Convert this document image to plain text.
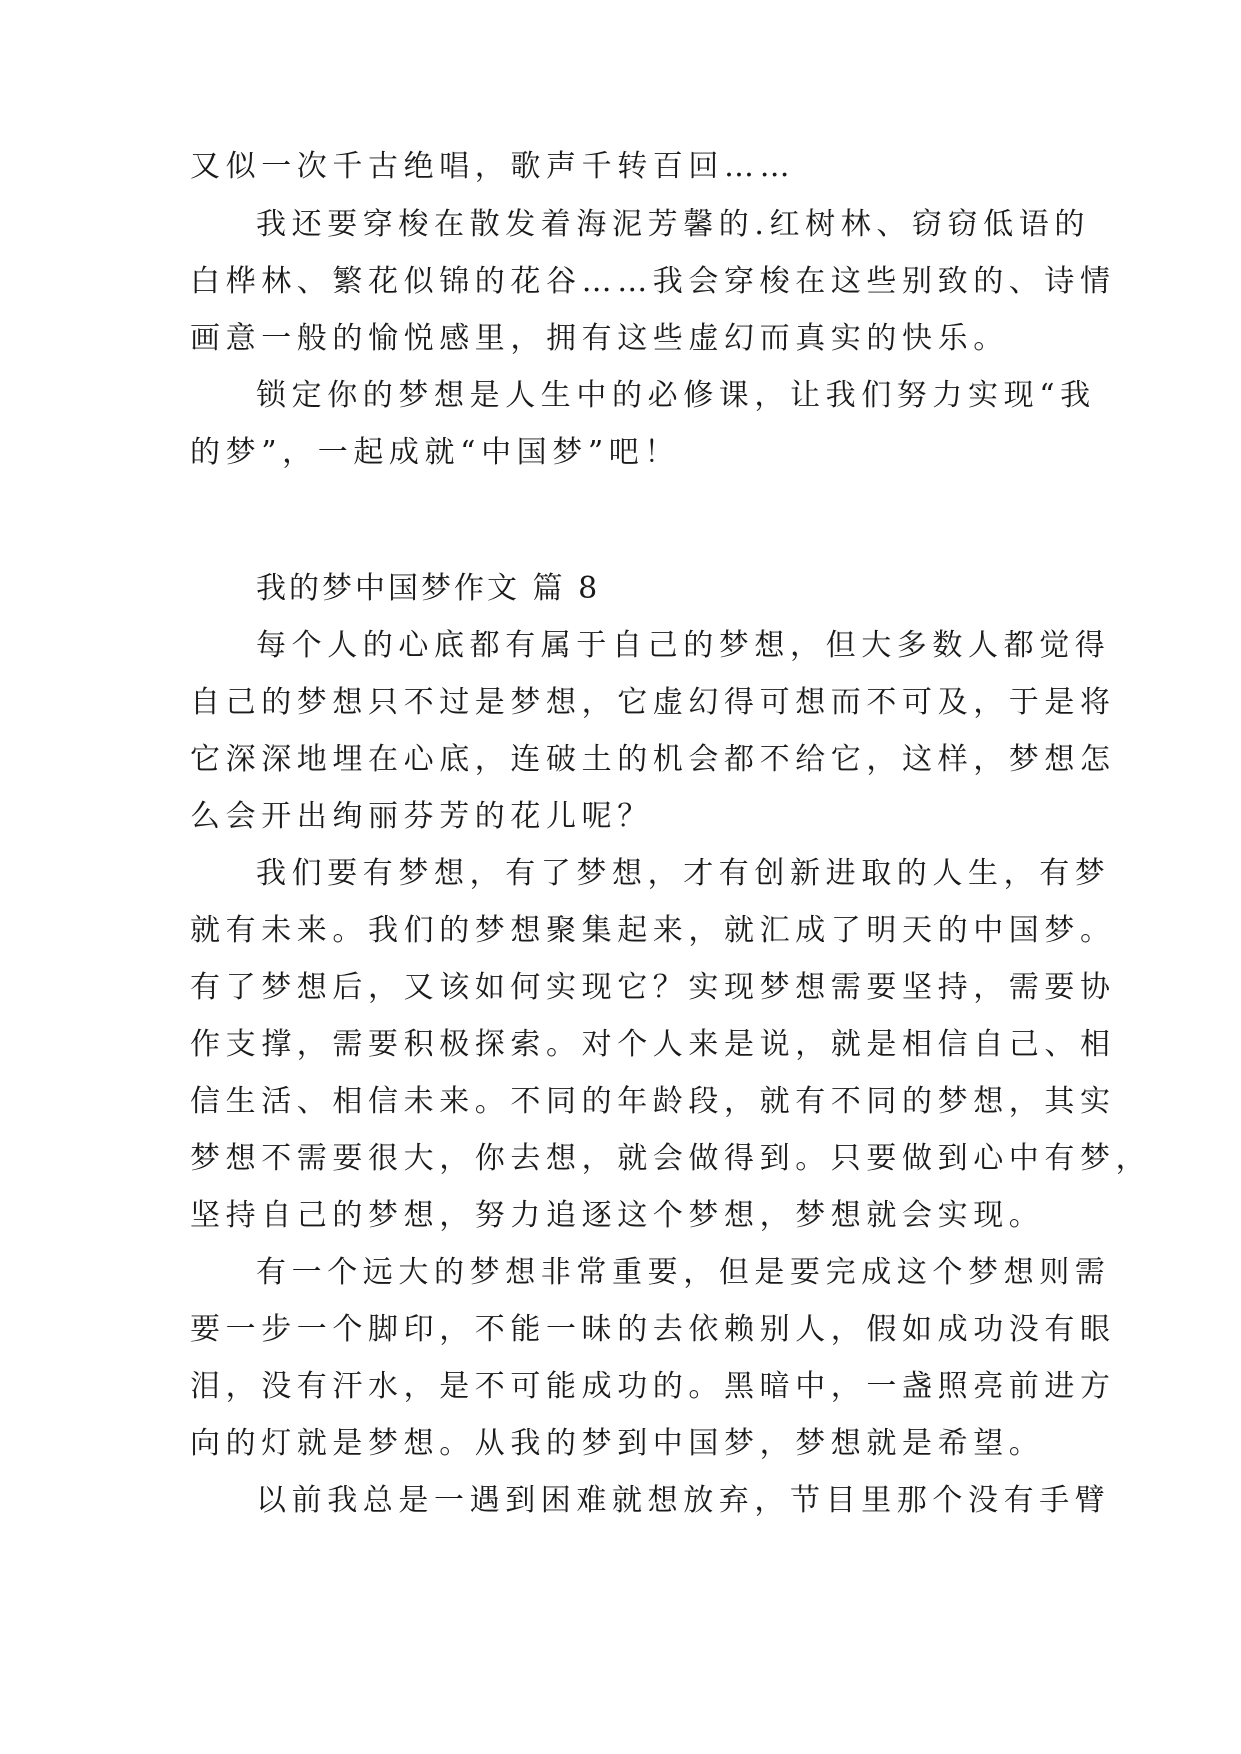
又似一次千古绝唱，歌声千转百回……
我还要穿梭在散发着海泥芳馨的.红树林、窃窃低语的
白桦林、繁花似锦的花谷……我会穿梭在这些别致的、诗情
画意一般的愉悦感里，拥有这些虚幻而真实的快乐。
锁定你的梦想是人生中的必修课，让我们努力实现“我
的梦”，一起成就“中国梦”吧！
我的梦中国梦作文 篇 8
每个人的心底都有属于自己的梦想，但大多数人都觉得
自己的梦想只不过是梦想，它虚幻得可想而不可及，于是将
它深深地埋在心底，连破土的机会都不给它，这样，梦想怎
么会开出绚丽芬芳的花儿呢？
我们要有梦想，有了梦想，才有创新进取的人生，有梦
就有未来。我们的梦想聚集起来，就汇成了明天的中国梦。
有了梦想后，又该如何实现它？实现梦想需要坚持，需要协
作支撑，需要积极探索。对个人来是说，就是相信自己、相
信生活、相信未来。不同的年龄段，就有不同的梦想，其实
梦想不需要很大，你去想，就会做得到。只要做到心中有梦，
坚持自己的梦想，努力追逐这个梦想，梦想就会实现。
有一个远大的梦想非常重要，但是要完成这个梦想则需
要一步一个脚印，不能一昧的去依赖别人，假如成功没有眼
泪，没有汗水，是不可能成功的。黑暗中，一盏照亮前进方
向的灯就是梦想。从我的梦到中国梦，梦想就是希望。
以前我总是一遇到困难就想放弃，节目里那个没有手臂
